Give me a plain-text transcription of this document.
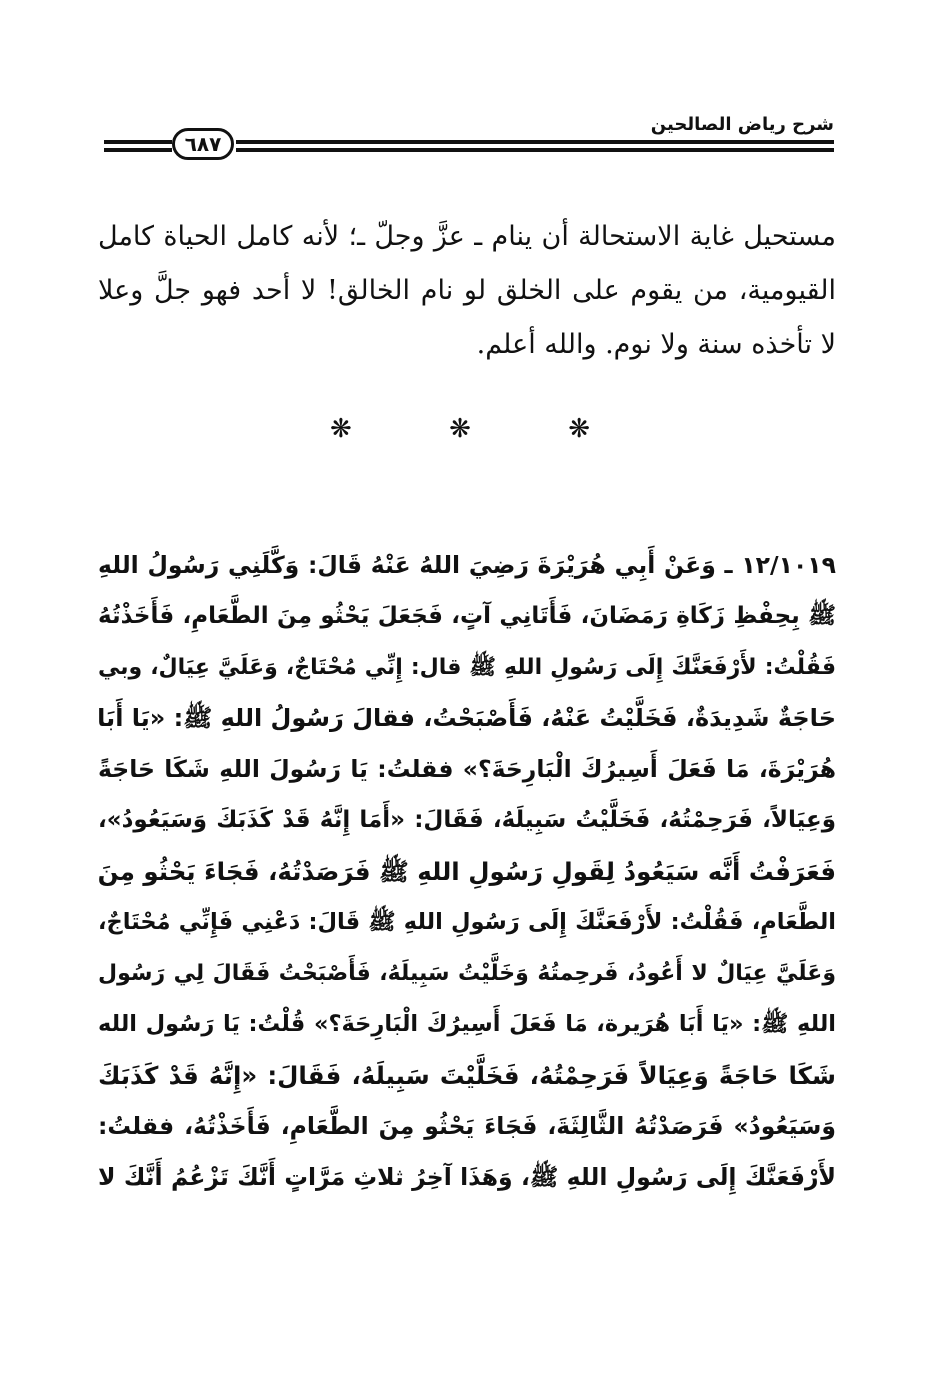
شرح رياض الصالحين
٦٨٧
مستحيل غاية الاستحالة أن ينام ـ عزَّ وجلّ ـ؛ لأنه كامل الحياة كامل
القيومية، من يقوم على الخلق لو نام الخالق! لا أحد فهو جلَّ وعلا
لا تأخذه سنة ولا نوم. والله أعلم.
❋	❋	❋
١٢/١٠١٩ ـ وَعَنْ أَبِي هُرَيْرَةَ رَضِيَ اللهُ عَنْهُ قَالَ: وَكَّلَنِي رَسُولُ اللهِ
ﷺ بِحِفْظِ زَكَاةِ رَمَضَانَ، فَأَتَانِي آتٍ، فَجَعَلَ يَحْثُو مِنَ الطَّعَامِ، فَأَخَذْتُهُ
فَقُلْتُ: لأَرْفَعَنَّكَ إِلَى رَسُولِ اللهِ ﷺ قال: إِنِّي مُحْتَاجٌ، وَعَلَيَّ عِيَالٌ، وبي
حَاجَةٌ شَدِيدَةٌ، فَخَلَّيْتُ عَنْهُ، فَأَصْبَحْتُ، فقالَ رَسُولُ اللهِ ﷺ: «يَا أَبَا
هُرَيْرَةَ، مَا فَعَلَ أَسِيرُكَ الْبَارِحَةَ؟» فقلتُ: يَا رَسُولَ اللهِ شَكَا حَاجَةً
وَعِيَالاً، فَرَحِمْتُهُ، فَخَلَّيْتُ سَبِيلَهُ، فَقَالَ: «أَمَا إِنَّهُ قَدْ كَذَبَكَ وَسَيَعُودُ»،
فَعَرَفْتُ أَنَّه سَيَعُودُ لِقَولِ رَسُولِ اللهِ ﷺ فَرَصَدْتُهُ، فَجَاءَ يَحْثُو مِنَ
الطَّعَامِ، فَقُلْتُ: لأَرْفَعَنَّكَ إِلَى رَسُولِ اللهِ ﷺ قَالَ: دَعْنِي فَإِنِّي مُحْتَاجٌ،
وَعَلَيَّ عِيَالٌ لا أَعُودُ، فَرحِمتُهُ وَخَلَّيْتُ سَبِيلَهُ، فَأَصْبَحْتُ فَقَالَ لِي رَسُول
اللهِ ﷺ: «يَا أَبَا هُرَيرة، مَا فَعَلَ أَسِيرُكَ الْبَارِحَةَ؟» قُلْتُ: يَا رَسُول الله
شَكَا حَاجَةً وَعِيَالاً فَرَحِمْتُهُ، فَخَلَّيْتَ سَبِيلَهُ، فَقَالَ: «إِنَّهُ قَدْ كَذَبَكَ
وَسَيَعُودُ» فَرَصَدْتُهُ الثَّالِثَةَ، فَجَاءَ يَحْثُو مِنَ الطَّعَامِ، فَأَخَذْتُهُ، فقلتُ:
لأَرْفَعَنَّكَ إِلَى رَسُولِ اللهِ ﷺ، وَهَذَا آخِرُ ثلاثِ مَرَّاتٍ أَنَّكَ تَزْعُمُ أَنَّكَ لا
